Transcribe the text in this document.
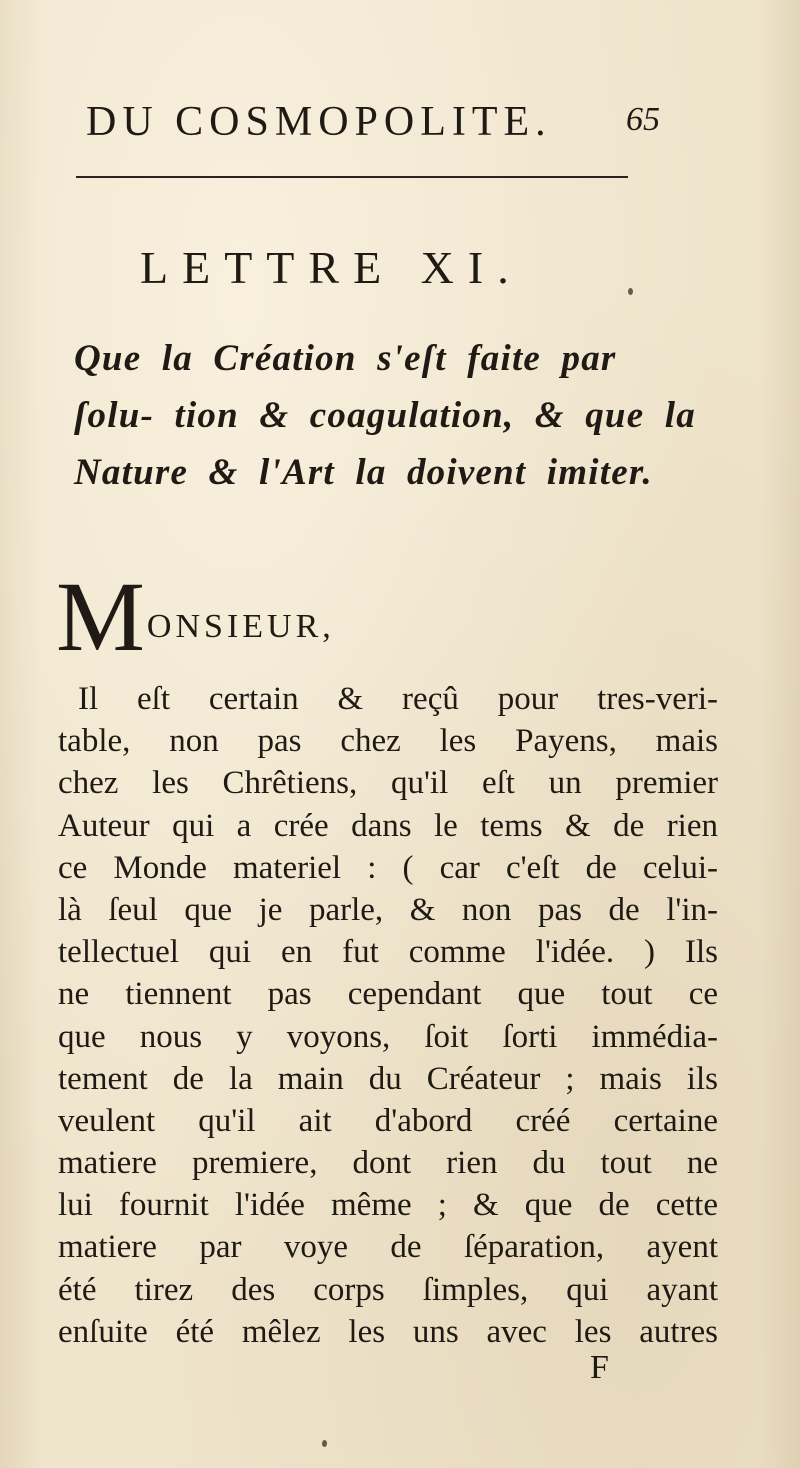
DU COSMOPOLITE. 65
LETTRE XI.
Que la Création s'eſt faite par ſolu- tion & coagulation, & que la Nature & l'Art la doivent imiter.
MONSIEUR,
Il eſt certain & reçû pour tres-veri-
table, non pas chez les Payens, mais
chez les Chrêtiens, qu'il eſt un premier
Auteur qui a crée dans le tems & de rien
ce Monde materiel : ( car c'eſt de celui-
là ſeul que je parle, & non pas de l'in-
tellectuel qui en fut comme l'idée. ) Ils
ne tiennent pas cependant que tout ce
que nous y voyons, ſoit ſorti immédia-
tement de la main du Créateur ; mais ils
veulent qu'il ait d'abord créé certaine
matiere premiere, dont rien du tout ne
lui fournit l'idée même ; & que de cette
matiere par voye de ſéparation, ayent
été tirez des corps ſimples, qui ayant
enſuite été mêlez les uns avec les autres
F
